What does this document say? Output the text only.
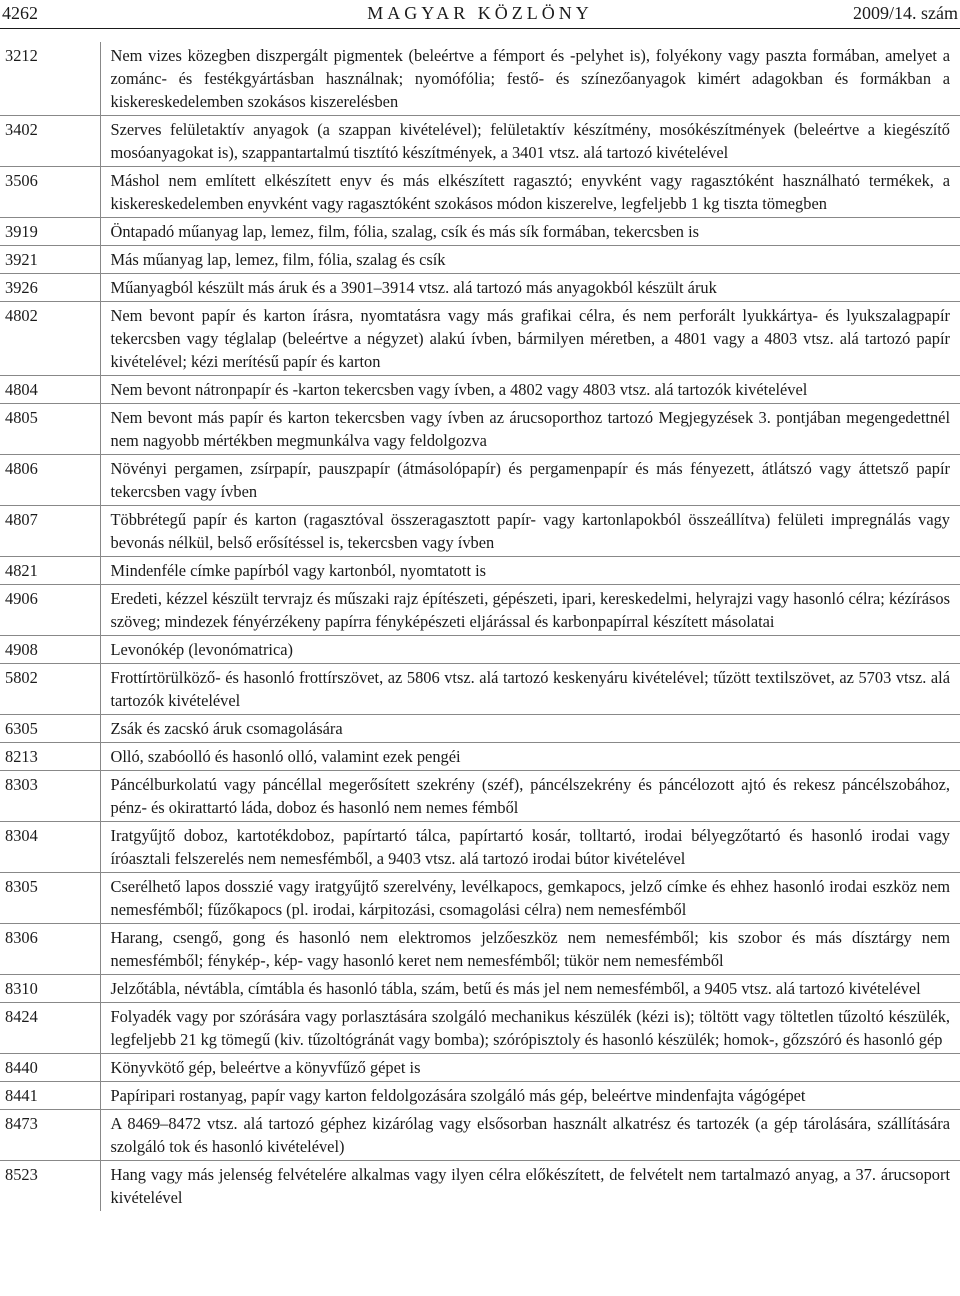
4262	MAGYAR KÖZLÖNY	2009/14. szám
3212	Nem vizes közegben diszpergált pigmentek (beleértve a fémport és -pelyhet is), folyékony vagy paszta formában, amelyet a zománc- és festékgyártásban használnak; nyomófólia; festő- és színezőanyagok kimért adagokban és formákban a kiskereskedelemben szokásos kiszerelésben
3402	Szerves felületaktív anyagok (a szappan kivételével); felületaktív készítmény, mosókészítmények (beleértve a kiegészítő mosóanyagokat is), szappantartalmú tisztító készítmények, a 3401 vtsz. alá tartozó kivételével
3506	Máshol nem említett elkészített enyv és más elkészített ragasztó; enyvként vagy ragasztóként használható termékek, a kiskereskedelemben enyvként vagy ragasztóként szokásos módon kiszerelve, legfeljebb 1 kg tiszta tömegben
3919	Öntapadó műanyag lap, lemez, film, fólia, szalag, csík és más sík formában, tekercsben is
3921	Más műanyag lap, lemez, film, fólia, szalag és csík
3926	Műanyagból készült más áruk és a 3901–3914 vtsz. alá tartozó más anyagokból készült áruk
4802	Nem bevont papír és karton írásra, nyomtatásra vagy más grafikai célra, és nem perforált lyukkártya- és lyukszalagpapír tekercsben vagy téglalap (beleértve a négyzet) alakú ívben, bármilyen méretben, a 4801 vagy a 4803 vtsz. alá tartozó papír kivételével; kézi merítésű papír és karton
4804	Nem bevont nátronpapír és -karton tekercsben vagy ívben, a 4802 vagy 4803 vtsz. alá tartozók kivételével
4805	Nem bevont más papír és karton tekercsben vagy ívben az árucsoporthoz tartozó Megjegyzések 3. pontjában megengedettnél nem nagyobb mértékben megmunkálva vagy feldolgozva
4806	Növényi pergamen, zsírpapír, pauszpapír (átmásolópapír) és pergamenpapír és más fényezett, átlátszó vagy áttetsző papír tekercsben vagy ívben
4807	Többrétegű papír és karton (ragasztóval összeragasztott papír- vagy kartonlapokból összeállítva) felületi impregnálás vagy bevonás nélkül, belső erősítéssel is, tekercsben vagy ívben
4821	Mindenféle címke papírból vagy kartonból, nyomtatott is
4906	Eredeti, kézzel készült tervrajz és műszaki rajz építészeti, gépészeti, ipari, kereskedelmi, helyrajzi vagy hasonló célra; kézírásos szöveg; mindezek fényérzékeny papírra fényképészeti eljárással és karbonpapírral készített másolatai
4908	Levonókép (levonómatrica)
5802	Frottírtörülköző- és hasonló frottírszövet, az 5806 vtsz. alá tartozó keskenyáru kivételével; tűzött textilszövet, az 5703 vtsz. alá tartozók kivételével
6305	Zsák és zacskó áruk csomagolására
8213	Olló, szabóolló és hasonló olló, valamint ezek pengéi
8303	Páncélburkolatú vagy páncéllal megerősített szekrény (széf), páncélszekrény és páncélozott ajtó és rekesz páncélszobához, pénz- és okirattartó láda, doboz és hasonló nem nemes fémből
8304	Iratgyűjtő doboz, kartotékdoboz, papírtartó tálca, papírtartó kosár, tolltartó, irodai bélyegzőtartó és hasonló irodai vagy íróasztali felszerelés nem nemesfémből, a 9403 vtsz. alá tartozó irodai bútor kivételével
8305	Cserélhető lapos dosszié vagy iratgyűjtő szerelvény, levélkapocs, gemkapocs, jelző címke és ehhez hasonló irodai eszköz nem nemesfémből; fűzőkapocs (pl. irodai, kárpitozási, csomagolási célra) nem nemesfémből
8306	Harang, csengő, gong és hasonló nem elektromos jelzőeszköz nem nemesfémből; kis szobor és más dísztárgy nem nemesfémből; fénykép-, kép- vagy hasonló keret nem nemesfémből; tükör nem nemesfémből
8310	Jelzőtábla, névtábla, címtábla és hasonló tábla, szám, betű és más jel nem nemesfémből, a 9405 vtsz. alá tartozó kivételével
8424	Folyadék vagy por szórására vagy porlasztására szolgáló mechanikus készülék (kézi is); töltött vagy töltetlen tűzoltó készülék, legfeljebb 21 kg tömegű (kiv. tűzoltógránát vagy bomba); szórópisztoly és hasonló készülék; homok-, gőzszóró és hasonló gép
8440	Könyvkötő gép, beleértve a könyvfűző gépet is
8441	Papíripari rostanyag, papír vagy karton feldolgozására szolgáló más gép, beleértve mindenfajta vágógépet
8473	A 8469–8472 vtsz. alá tartozó géphez kizárólag vagy elsősorban használt alkatrész és tartozék (a gép tárolására, szállítására szolgáló tok és hasonló kivételével)
8523	Hang vagy más jelenség felvételére alkalmas vagy ilyen célra előkészített, de felvételt nem tartalmazó anyag, a 37. árucsoport kivételével
